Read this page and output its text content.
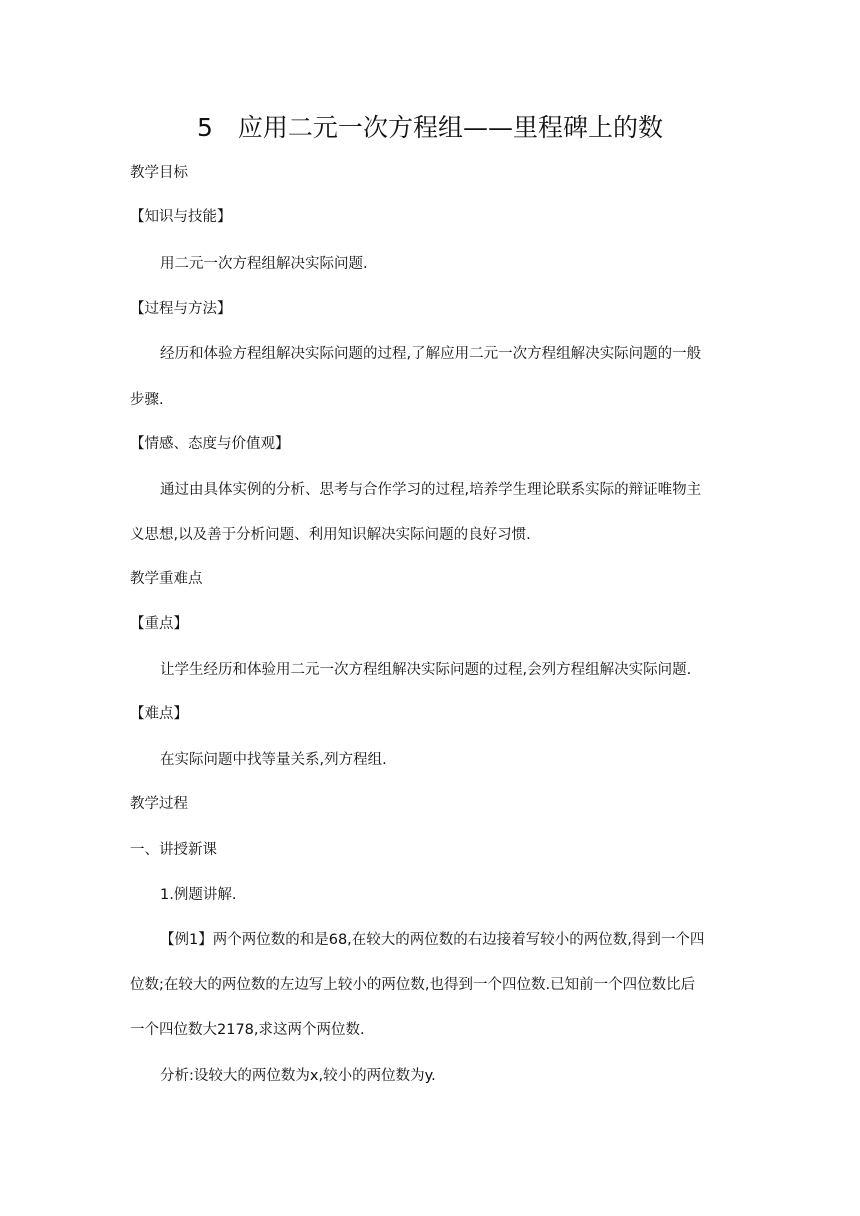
5　应用二元一次方程组——里程碑上的数
教学目标
【知识与技能】
用二元一次方程组解决实际问题.
【过程与方法】
经历和体验方程组解决实际问题的过程,了解应用二元一次方程组解决实际问题的一般
步骤.
【情感、态度与价值观】
通过由具体实例的分析、思考与合作学习的过程,培养学生理论联系实际的辩证唯物主
义思想,以及善于分析问题、利用知识解决实际问题的良好习惯.
教学重难点
【重点】
让学生经历和体验用二元一次方程组解决实际问题的过程,会列方程组解决实际问题.
【难点】
在实际问题中找等量关系,列方程组.
教学过程
一、讲授新课
1.例题讲解.
【例1】两个两位数的和是68,在较大的两位数的右边接着写较小的两位数,得到一个四
位数;在较大的两位数的左边写上较小的两位数,也得到一个四位数.已知前一个四位数比后
一个四位数大2178,求这两个两位数.
分析:设较大的两位数为x,较小的两位数为y.
